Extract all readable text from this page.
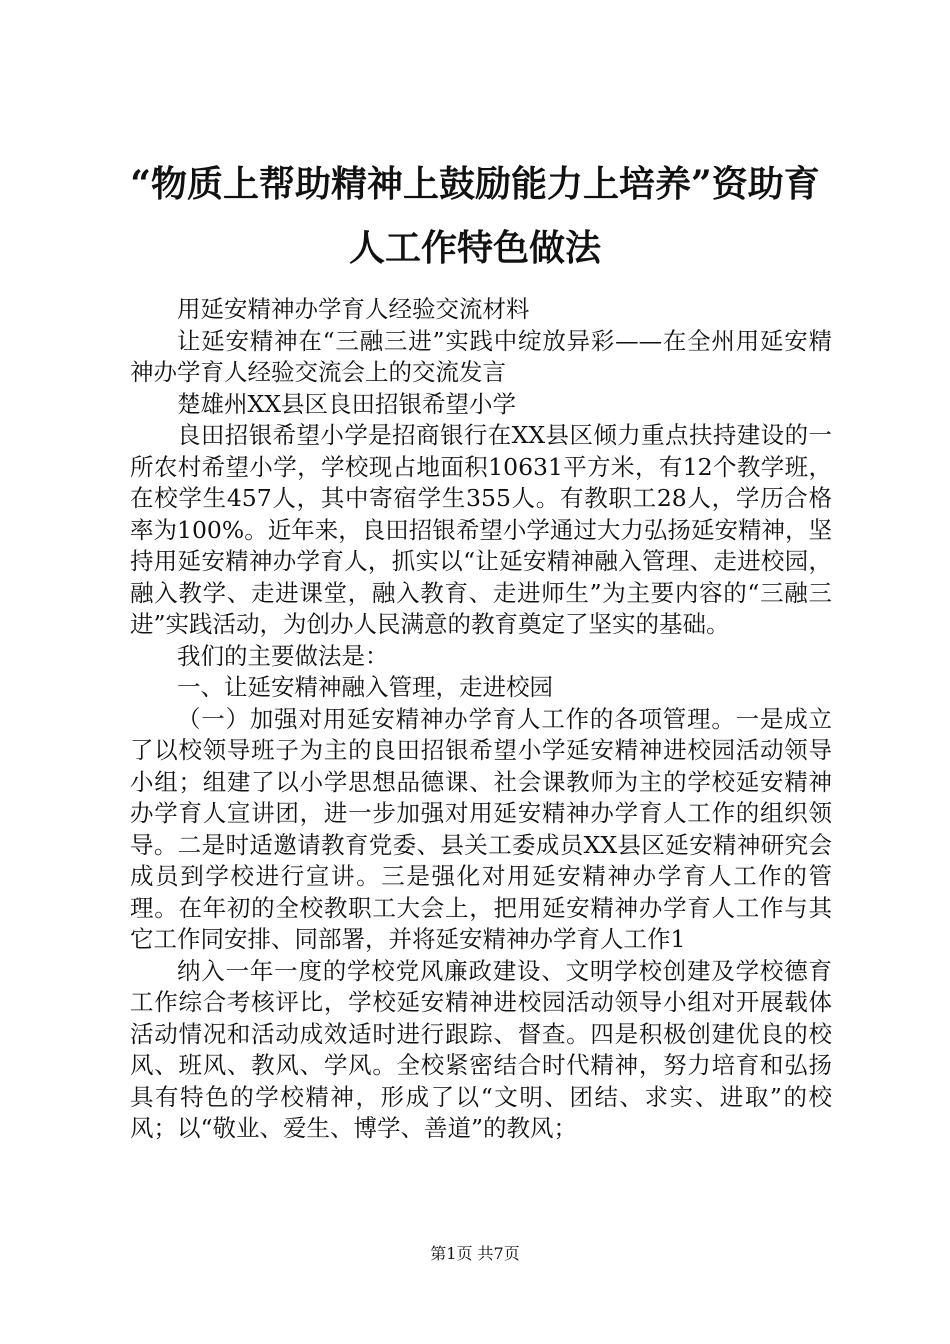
“物质上帮助精神上鼓励能力上培养”资助育人工作特色做法

用延安精神办学育人经验交流材料

让延安精神在“三融三进”实践中绽放异彩——在全州用延安精神办学育人经验交流会上的交流发言

楚雄州XX县区良田招银希望小学

良田招银希望小学是招商银行在XX县区倾力重点扶持建设的一所农村希望小学，学校现占地面积10631平方米，有12个教学班，在校学生457人，其中寄宿学生355人。有教职工28人，学历合格率为100%。近年来，良田招银希望小学通过大力弘扬延安精神，坚持用延安精神办学育人，抓实以“让延安精神融入管理、走进校园，融入教学、走进课堂，融入教育、走进师生”为主要内容的“三融三进”实践活动，为创办人民满意的教育奠定了坚实的基础。

我们的主要做法是：

一、让延安精神融入管理，走进校园

（一）加强对用延安精神办学育人工作的各项管理。一是成立了以校领导班子为主的良田招银希望小学延安精神进校园活动领导小组；组建了以小学思想品德课、社会课教师为主的学校延安精神办学育人宣讲团，进一步加强对用延安精神办学育人工作的组织领导。二是时适邀请教育党委、县关工委成员XX县区延安精神研究会成员到学校进行宣讲。三是强化对用延安精神办学育人工作的管理。在年初的全校教职工大会上，把用延安精神办学育人工作与其它工作同安排、同部署，并将延安精神办学育人工作1

纳入一年一度的学校党风廉政建设、文明学校创建及学校德育工作综合考核评比，学校延安精神进校园活动领导小组对开展载体活动情况和活动成效适时进行跟踪、督查。四是积极创建优良的校风、班风、教风、学风。全校紧密结合时代精神，努力培育和弘扬具有特色的学校精神，形成了以“文明、团结、求实、进取”的校风；以“敬业、爱生、博学、善道”的教风；

第1页 共7页
